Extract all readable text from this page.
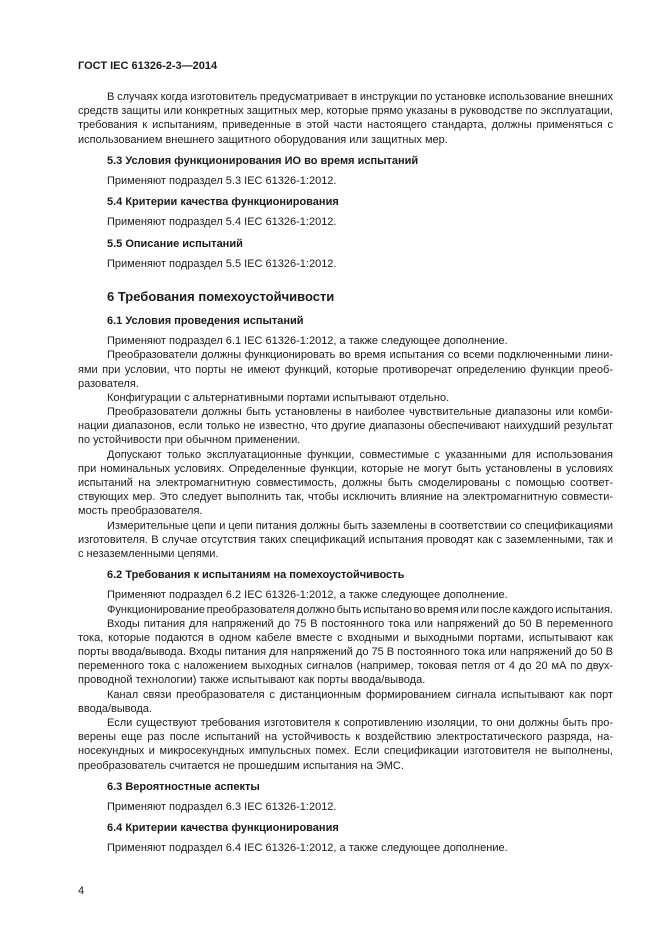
ГОСТ IEC 61326-2-3—2014
В случаях когда изготовитель предусматривает в инструкции по установке использование внешних
средств защиты или конкретных защитных мер, которые прямо указаны в руководстве по эксплуатации,
требования к испытаниям, приведенные в этой части настоящего стандарта, должны применяться с
использованием внешнего защитного оборудования или защитных мер.
5.3 Условия функционирования ИО во время испытаний
Применяют подраздел 5.3 IEC 61326-1:2012.
5.4 Критерии качества функционирования
Применяют подраздел 5.4 IEC 61326-1:2012.
5.5 Описание испытаний
Применяют подраздел 5.5 IEC 61326-1:2012.
6 Требования помехоустойчивости
6.1 Условия проведения испытаний
Применяют подраздел 6.1 IEC 61326-1:2012, а также следующее дополнение.
Преобразователи должны функционировать во время испытания со всеми подключенными лини-
ями при условии, что порты не имеют функций, которые противоречат определению функции преоб-
разователя.
Конфигурации с альтернативными портами испытывают отдельно.
Преобразователи должны быть установлены в наиболее чувствительные диапазоны или комби-
нации диапазонов, если только не известно, что другие диапазоны обеспечивают наихудший результат
по устойчивости при обычном применении.
Допускают только эксплуатационные функции, совместимые с указанными для использования
при номинальных условиях. Определенные функции, которые не могут быть установлены в условиях
испытаний на электромагнитную совместимость, должны быть смоделированы с помощью соответ-
ствующих мер. Это следует выполнить так, чтобы исключить влияние на электромагнитную совмести-
мость преобразователя.
Измерительные цепи и цепи питания должны быть заземлены в соответствии со спецификациями
изготовителя. В случае отсутствия таких спецификаций испытания проводят как с заземленными, так и
с незаземленными цепями.
6.2 Требования к испытаниям на помехоустойчивость
Применяют подраздел 6.2 IEC 61326-1:2012, а также следующее дополнение.
Функционирование преобразователя должно быть испытано во время или после каждого испытания.
Входы питания для напряжений до 75 В постоянного тока или напряжений до 50 В переменного
тока, которые подаются в одном кабеле вместе с входными и выходными портами, испытывают как
порты ввода/вывода. Входы питания для напряжений до 75 В постоянного тока или напряжений до 50 В
переменного тока с наложением выходных сигналов (например, токовая петля от 4 до 20 мА по двух-
проводной технологии) также испытывают как порты ввода/вывода.
Канал связи преобразователя с дистанционным формированием сигнала испытывают как порт
ввода/вывода.
Если существуют требования изготовителя к сопротивлению изоляции, то они должны быть про-
верены еще раз после испытаний на устойчивость к воздействию электростатического разряда, на-
носекундных и микросекундных импульсных помех. Если спецификации изготовителя не выполнены,
преобразователь считается не прошедшим испытания на ЭМС.
6.3 Вероятностные аспекты
Применяют подраздел 6.3 IEC 61326-1:2012.
6.4 Критерии качества функционирования
Применяют подраздел 6.4 IEC 61326-1:2012, а также следующее дополнение.
4
